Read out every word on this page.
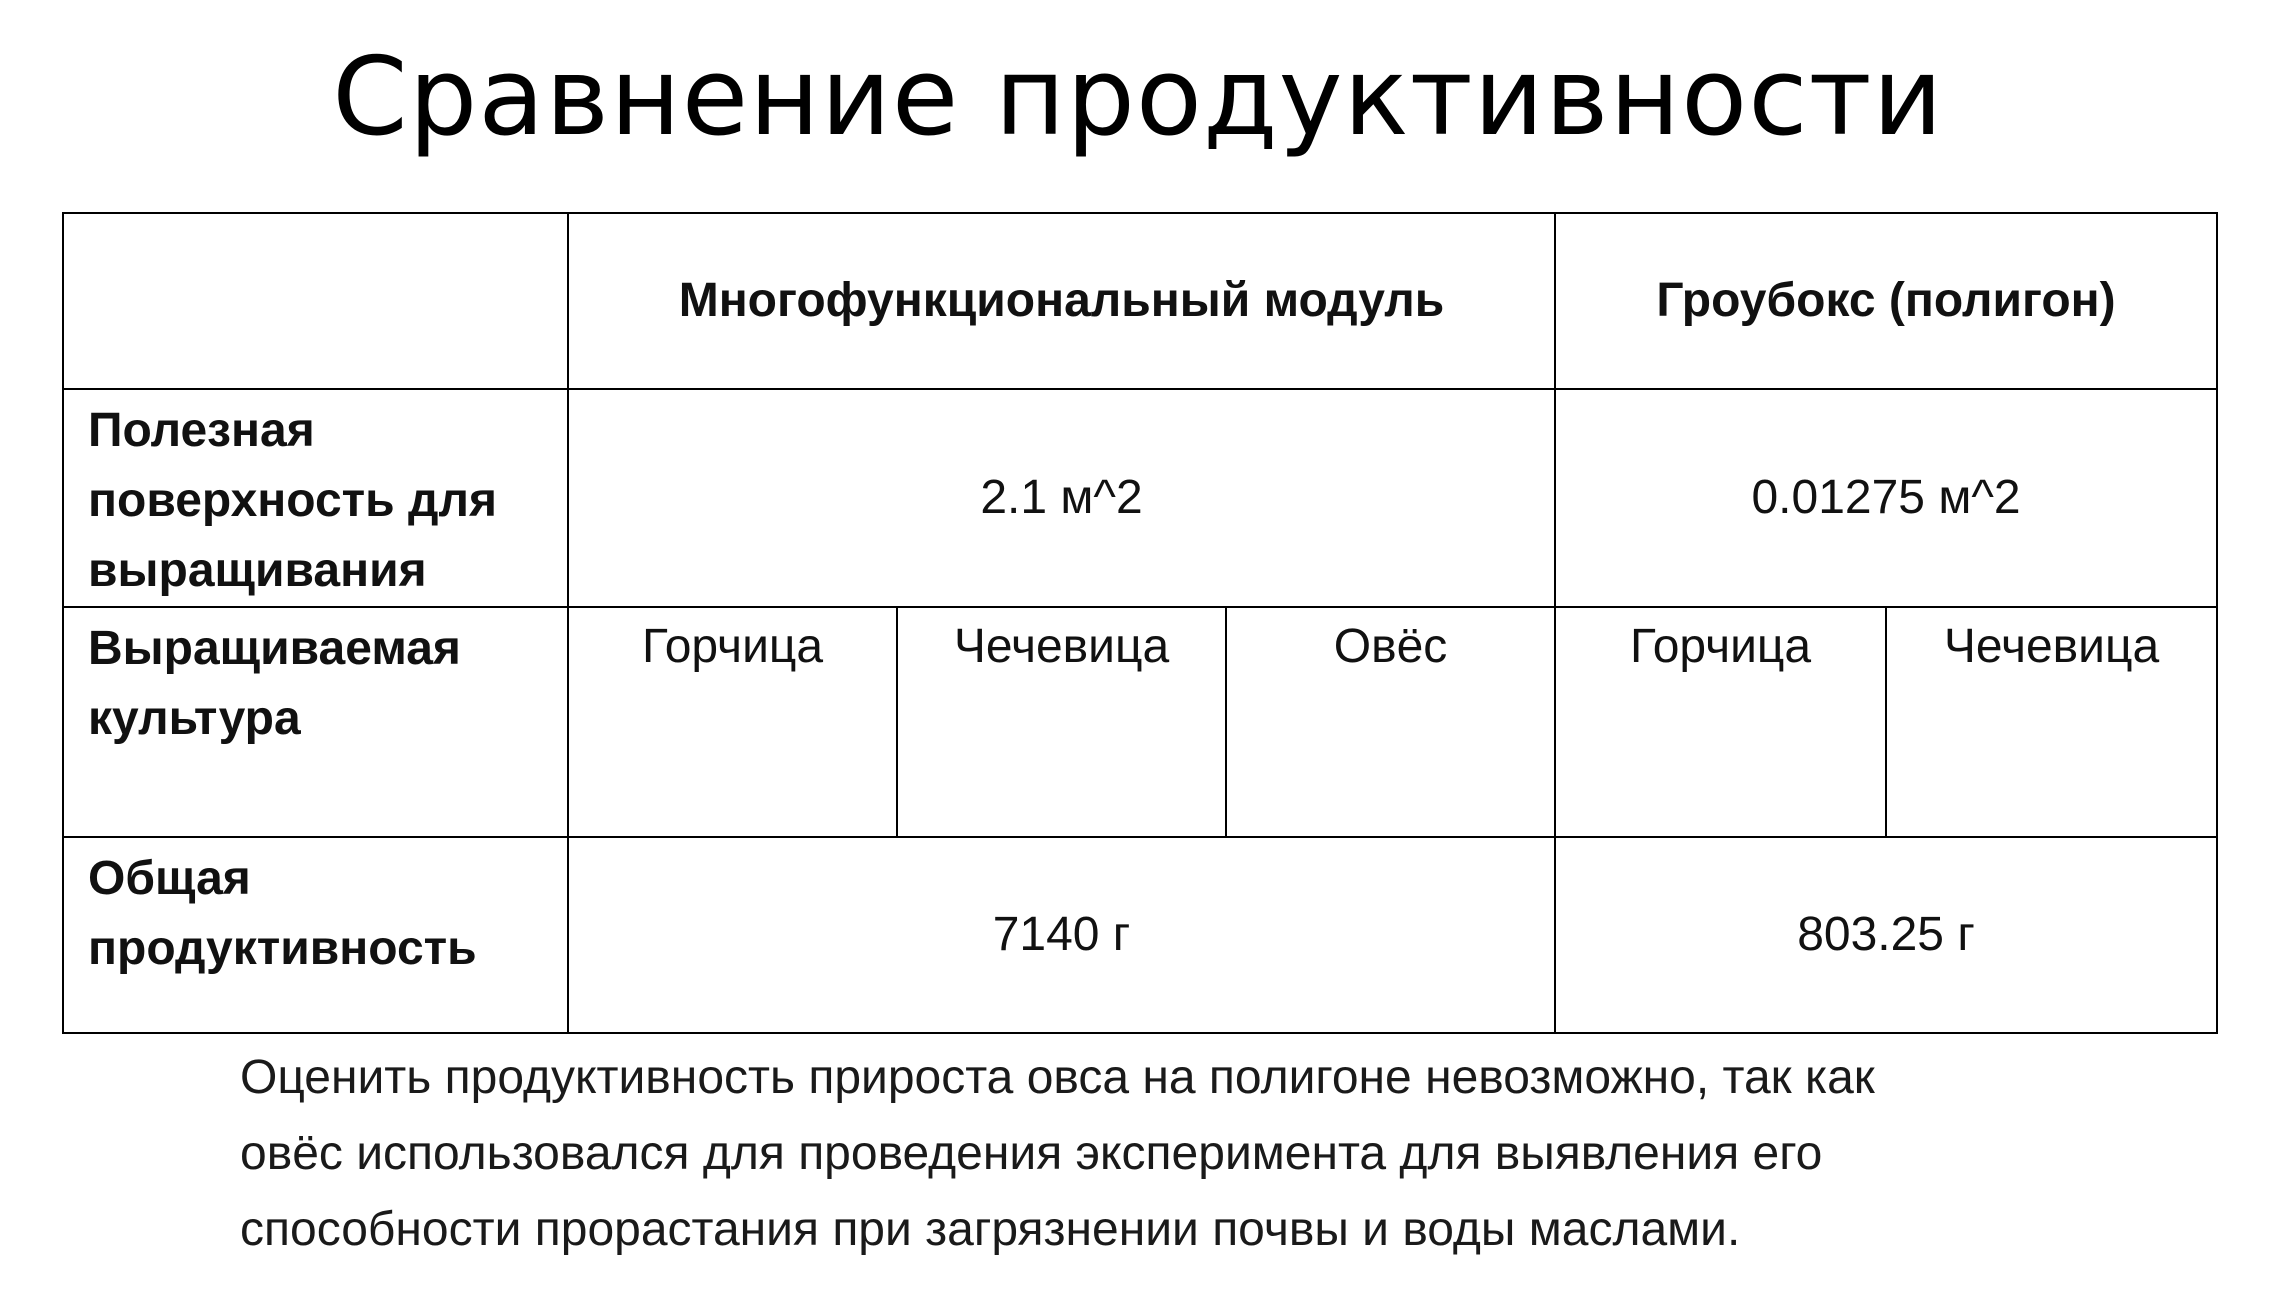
Сравнение продуктивности
	Многофункциональный модуль			Гроубокс (полигон)	

Полезная
поверхность для
выращивания	2.1 м^2			0.01275 м^2	

Выращиваемая
культура	Горчица	Чечевица	Овёс	Горчица	Чечевица

Общая
продуктивность	7140 г			803.25 г	
Оценить продуктивность прироста овса на полигоне невозможно, так как
овёс использовался для проведения эксперимента для выявления его
способности прорастания при загрязнении почвы и воды маслами.
